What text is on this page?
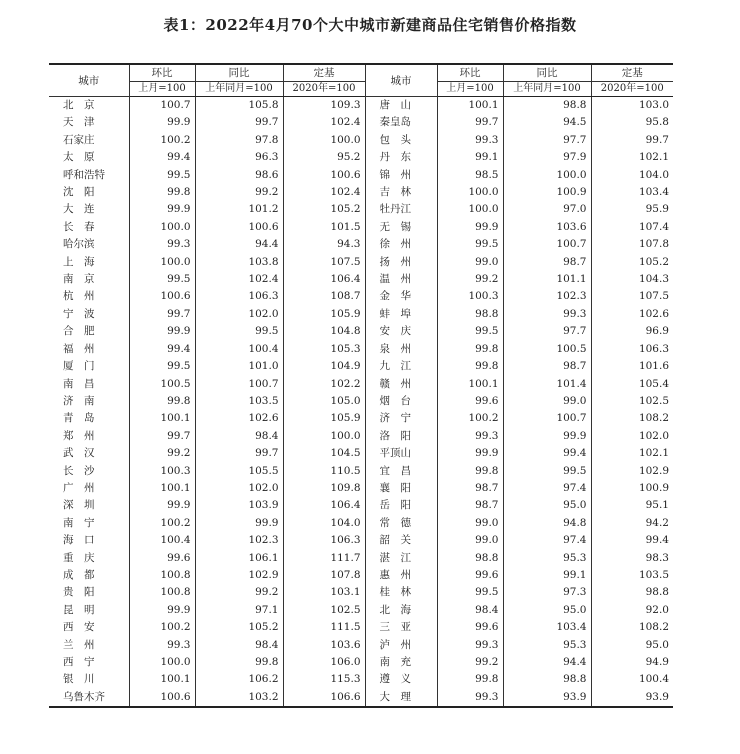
表1：2022年4月70个大中城市新建商品住宅销售价格指数
城市	环比	同比	定基	城市	环比	同比	定基
	上月=100	上年同月=100	2020年=100		上月=100	上年同月=100	2020年=100
北　京	100.7	105.8	109.3	唐　山	100.1	98.8	103.0
天　津	99.9	99.7	102.4	秦皇岛	99.7	94.5	95.8
石家庄	100.2	97.8	100.0	包　头	99.3	97.7	99.7
太　原	99.4	96.3	95.2	丹　东	99.1	97.9	102.1
呼和浩特	99.5	98.6	100.6	锦　州	98.5	100.0	104.0
沈　阳	99.8	99.2	102.4	吉　林	100.0	100.9	103.4
大　连	99.9	101.2	105.2	牡丹江	100.0	97.0	95.9
长　春	100.0	100.6	101.5	无　锡	99.9	103.6	107.4
哈尔滨	99.3	94.4	94.3	徐　州	99.5	100.7	107.8
上　海	100.0	103.8	107.5	扬　州	99.0	98.7	105.2
南　京	99.5	102.4	106.4	温　州	99.2	101.1	104.3
杭　州	100.6	106.3	108.7	金　华	100.3	102.3	107.5
宁　波	99.7	102.0	105.9	蚌　埠	98.8	99.3	102.6
合　肥	99.9	99.5	104.8	安　庆	99.5	97.7	96.9
福　州	99.4	100.4	105.3	泉　州	99.8	100.5	106.3
厦　门	99.5	101.0	104.9	九　江	99.8	98.7	101.6
南　昌	100.5	100.7	102.2	赣　州	100.1	101.4	105.4
济　南	99.8	103.5	105.0	烟　台	99.6	99.0	102.5
青　岛	100.1	102.6	105.9	济　宁	100.2	100.7	108.2
郑　州	99.7	98.4	100.0	洛　阳	99.3	99.9	102.0
武　汉	99.2	99.7	104.5	平顶山	99.9	99.4	102.1
长　沙	100.3	105.5	110.5	宜　昌	99.8	99.5	102.9
广　州	100.1	102.0	109.8	襄　阳	98.7	97.4	100.9
深　圳	99.9	103.9	106.4	岳　阳	98.7	95.0	95.1
南　宁	100.2	99.9	104.0	常　德	99.0	94.8	94.2
海　口	100.4	102.3	106.3	韶　关	99.0	97.4	99.4
重　庆	99.6	106.1	111.7	湛　江	98.8	95.3	98.3
成　都	100.8	102.9	107.8	惠　州	99.6	99.1	103.5
贵　阳	100.8	99.2	103.1	桂　林	99.5	97.3	98.8
昆　明	99.9	97.1	102.5	北　海	98.4	95.0	92.0
西　安	100.2	105.2	111.5	三　亚	99.6	103.4	108.2
兰　州	99.3	98.4	103.6	泸　州	99.3	95.3	95.0
西　宁	100.0	99.8	106.0	南　充	99.2	94.4	94.9
银　川	100.1	106.2	115.3	遵　义	99.8	98.8	100.4
乌鲁木齐	100.6	103.2	106.6	大　理	99.3	93.9	93.9
